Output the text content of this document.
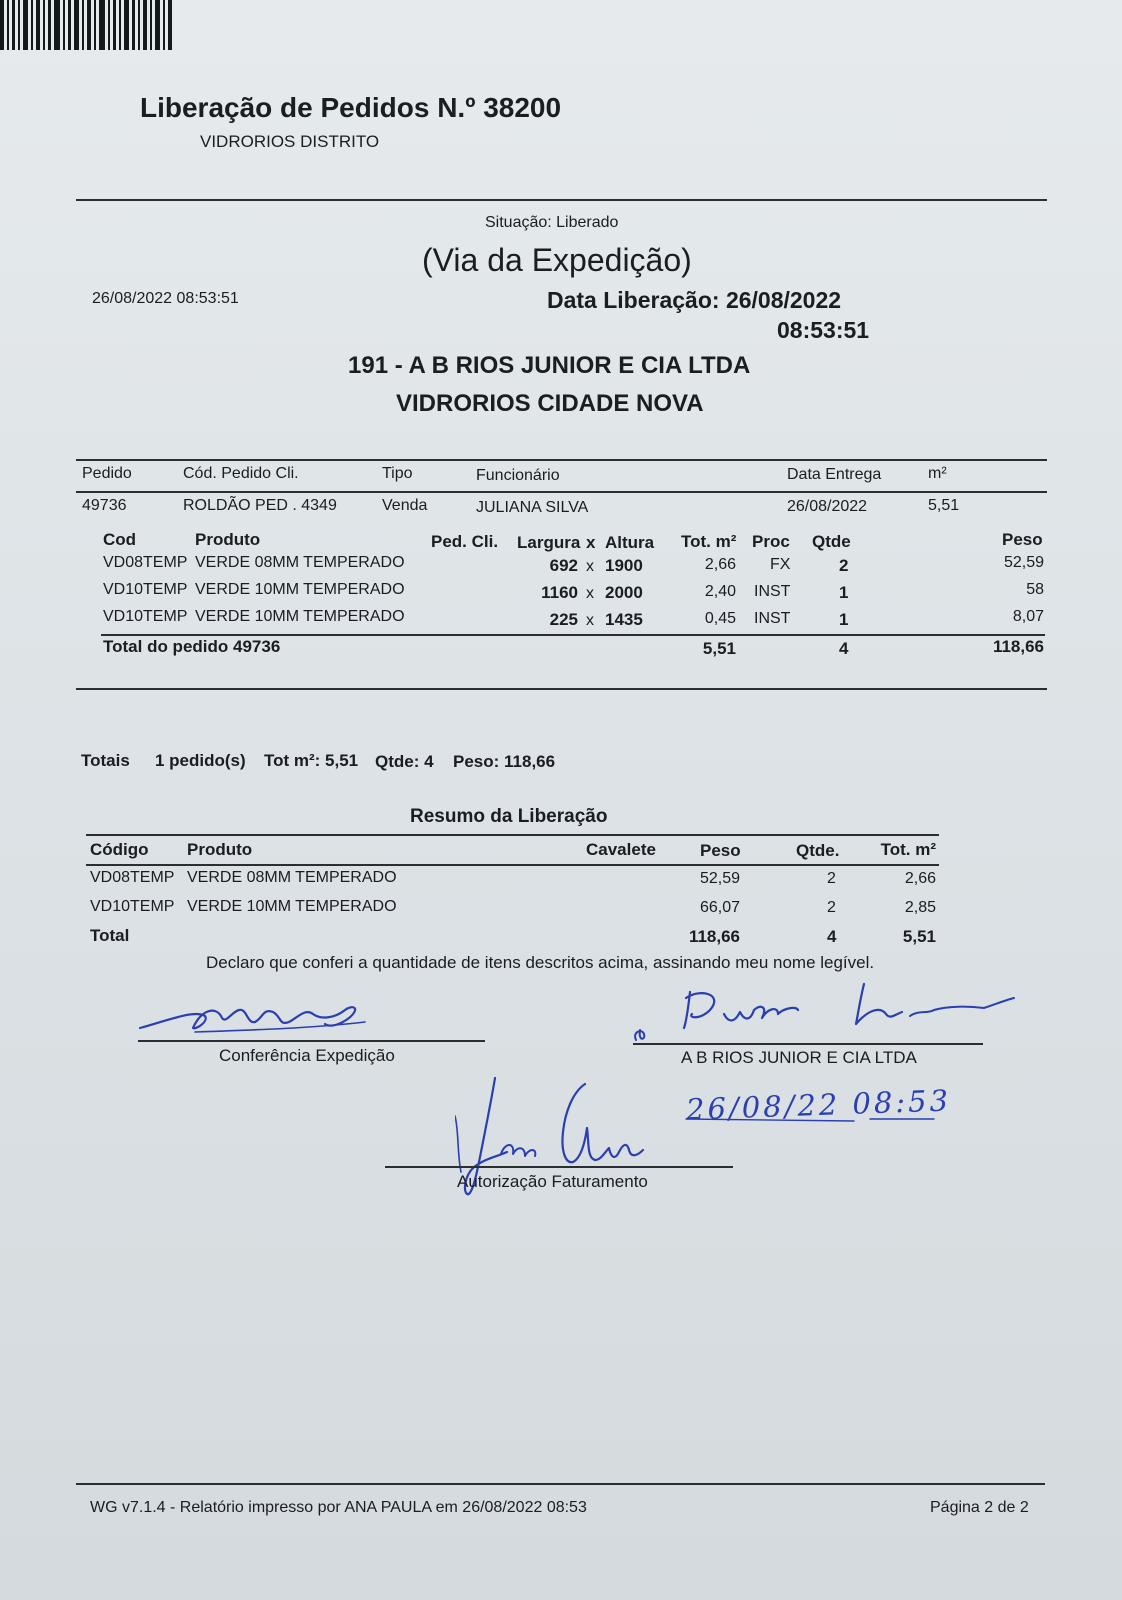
Liberação de Pedidos N.º 38200
VIDRORIOS DISTRITO
Situação: Liberado
(Via da Expedição)
26/08/2022 08:53:51	Data Liberação: 26/08/2022
08:53:51
191 - A B RIOS JUNIOR E CIA LTDA
VIDRORIOS CIDADE NOVA
Pedido	Cód. Pedido Cli.	Tipo	Funcionário	Data Entrega	m²
49736	ROLDÃO PED . 4349	Venda	JULIANA SILVA	26/08/2022	5,51
Cod	Produto	Ped. Cli. Largura x Altura Tot. m² Proc Qtde	Peso
VD08TEMP VERDE 08MM TEMPERADO	692 x 1900	2,66 FX	2	52,59
VD10TEMP VERDE 10MM TEMPERADO	1160 x 2000	2,40 INST	1	58
VD10TEMP VERDE 10MM TEMPERADO	225 x 1435	0,45 INST	1	8,07
Total do pedido 49736	5,51	4	118,66
Totais 1 pedido(s) Tot m²: 5,51 Qtde: 4 Peso: 118,66
Resumo da Liberação
Código Produto	Cavalete	Peso	Qtde.	Tot. m²
VD08TEMP VERDE 08MM TEMPERADO	52,59	2	2,66
VD10TEMP VERDE 10MM TEMPERADO	66,07	2	2,85
Total	118,66	4	5,51
Declaro que conferi a quantidade de itens descritos acima, assinando meu nome legível.
Conferência Expedição	A B RIOS JUNIOR E CIA LTDA
26/08/22 08:53
Autorização Faturamento
WG v7.1.4 - Relatório impresso por ANA PAULA em 26/08/2022 08:53	Página 2 de 2
